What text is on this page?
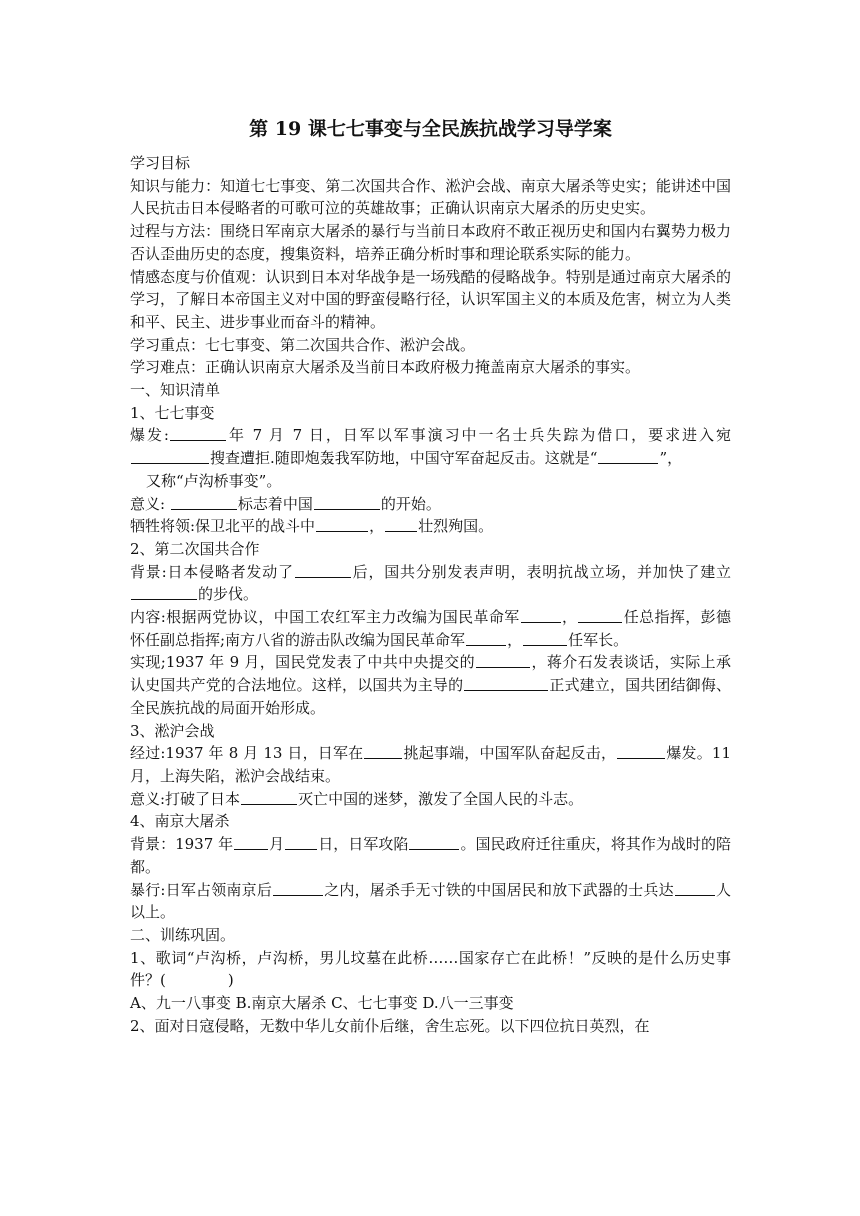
第 19 课七七事变与全民族抗战学习导学案

学习目标

知识与能力：知道七七事变、第二次国共合作、淞沪会战、南京大屠杀等史实；能讲述中国人民抗击日本侵略者的可歌可泣的英雄故事；正确认识南京大屠杀的历史史实。

过程与方法：围绕日军南京大屠杀的暴行与当前日本政府不敢正视历史和国内右翼势力极力否认歪曲历史的态度，搜集资料，培养正确分析时事和理论联系实际的能力。

情感态度与价值观：认识到日本对华战争是一场残酷的侵略战争。特别是通过南京大屠杀的学习，了解日本帝国主义对中国的野蛮侵略行径，认识军国主义的本质及危害，树立为人类和平、民主、进步事业而奋斗的精神。

学习重点：七七事变、第二次国共合作、淞沪会战。

学习难点：正确认识南京大屠杀及当前日本政府极力掩盖南京大屠杀的事实。

一、知识清单

1、七七事变

爆发:	年 7 月 7 日，日军以军事演习中一名士兵失踪为借口，要求进入宛搜查遭拒.随即炮轰我军防地，中国守军奋起反击。这就是“	”，

又称“卢沟桥事变”。

意义:	标志着中国	的开始。

牺牲将领:保卫北平的战斗中	， 壮烈殉国。

2、第二次国共合作

背景:日本侵略者发动了	后，国共分别发表声明，表明抗战立场，并加快了建立的步伐。

内容:根据两党协议，中国工农红军主力改编为国民革命军	，	任总指挥，彭德怀任副总指挥;南方八省的游击队改编为国民革命军	，	任军长。

实现;1937 年 9 月，国民党发表了中共中央提交的	，蒋介石发表谈话，实际上承认史国共产党的合法地位。这样，以国共为主导的	正式建立，国共团结御侮、全民族抗战的局面开始形成。

3、淞沪会战

经过:1937 年 8 月 13 日，日军在	挑起事端，中国军队奋起反击，	爆发。11 月，上海失陷，淞沪会战结束。

意义:打破了日本	灭亡中国的迷梦，激发了全国人民的斗志。

4、南京大屠杀

背景：1937 年 月 日，日军攻陷	。国民政府迁往重庆，将其作为战时的陪都。

暴行:日军占领南京后	之内，屠杀手无寸铁的中国居民和放下武器的士兵达	人以上。

二、训练巩固。

1、歌词“卢沟桥，卢沟桥，男儿坟墓在此桥……国家存亡在此桥！”反映的是什么历史事件？(	)

A、九一八事变 B.南京大屠杀 C、七七事变 D.八一三事变

2、面对日寇侵略，无数中华儿女前仆后继，舍生忘死。以下四位抗日英烈，在
